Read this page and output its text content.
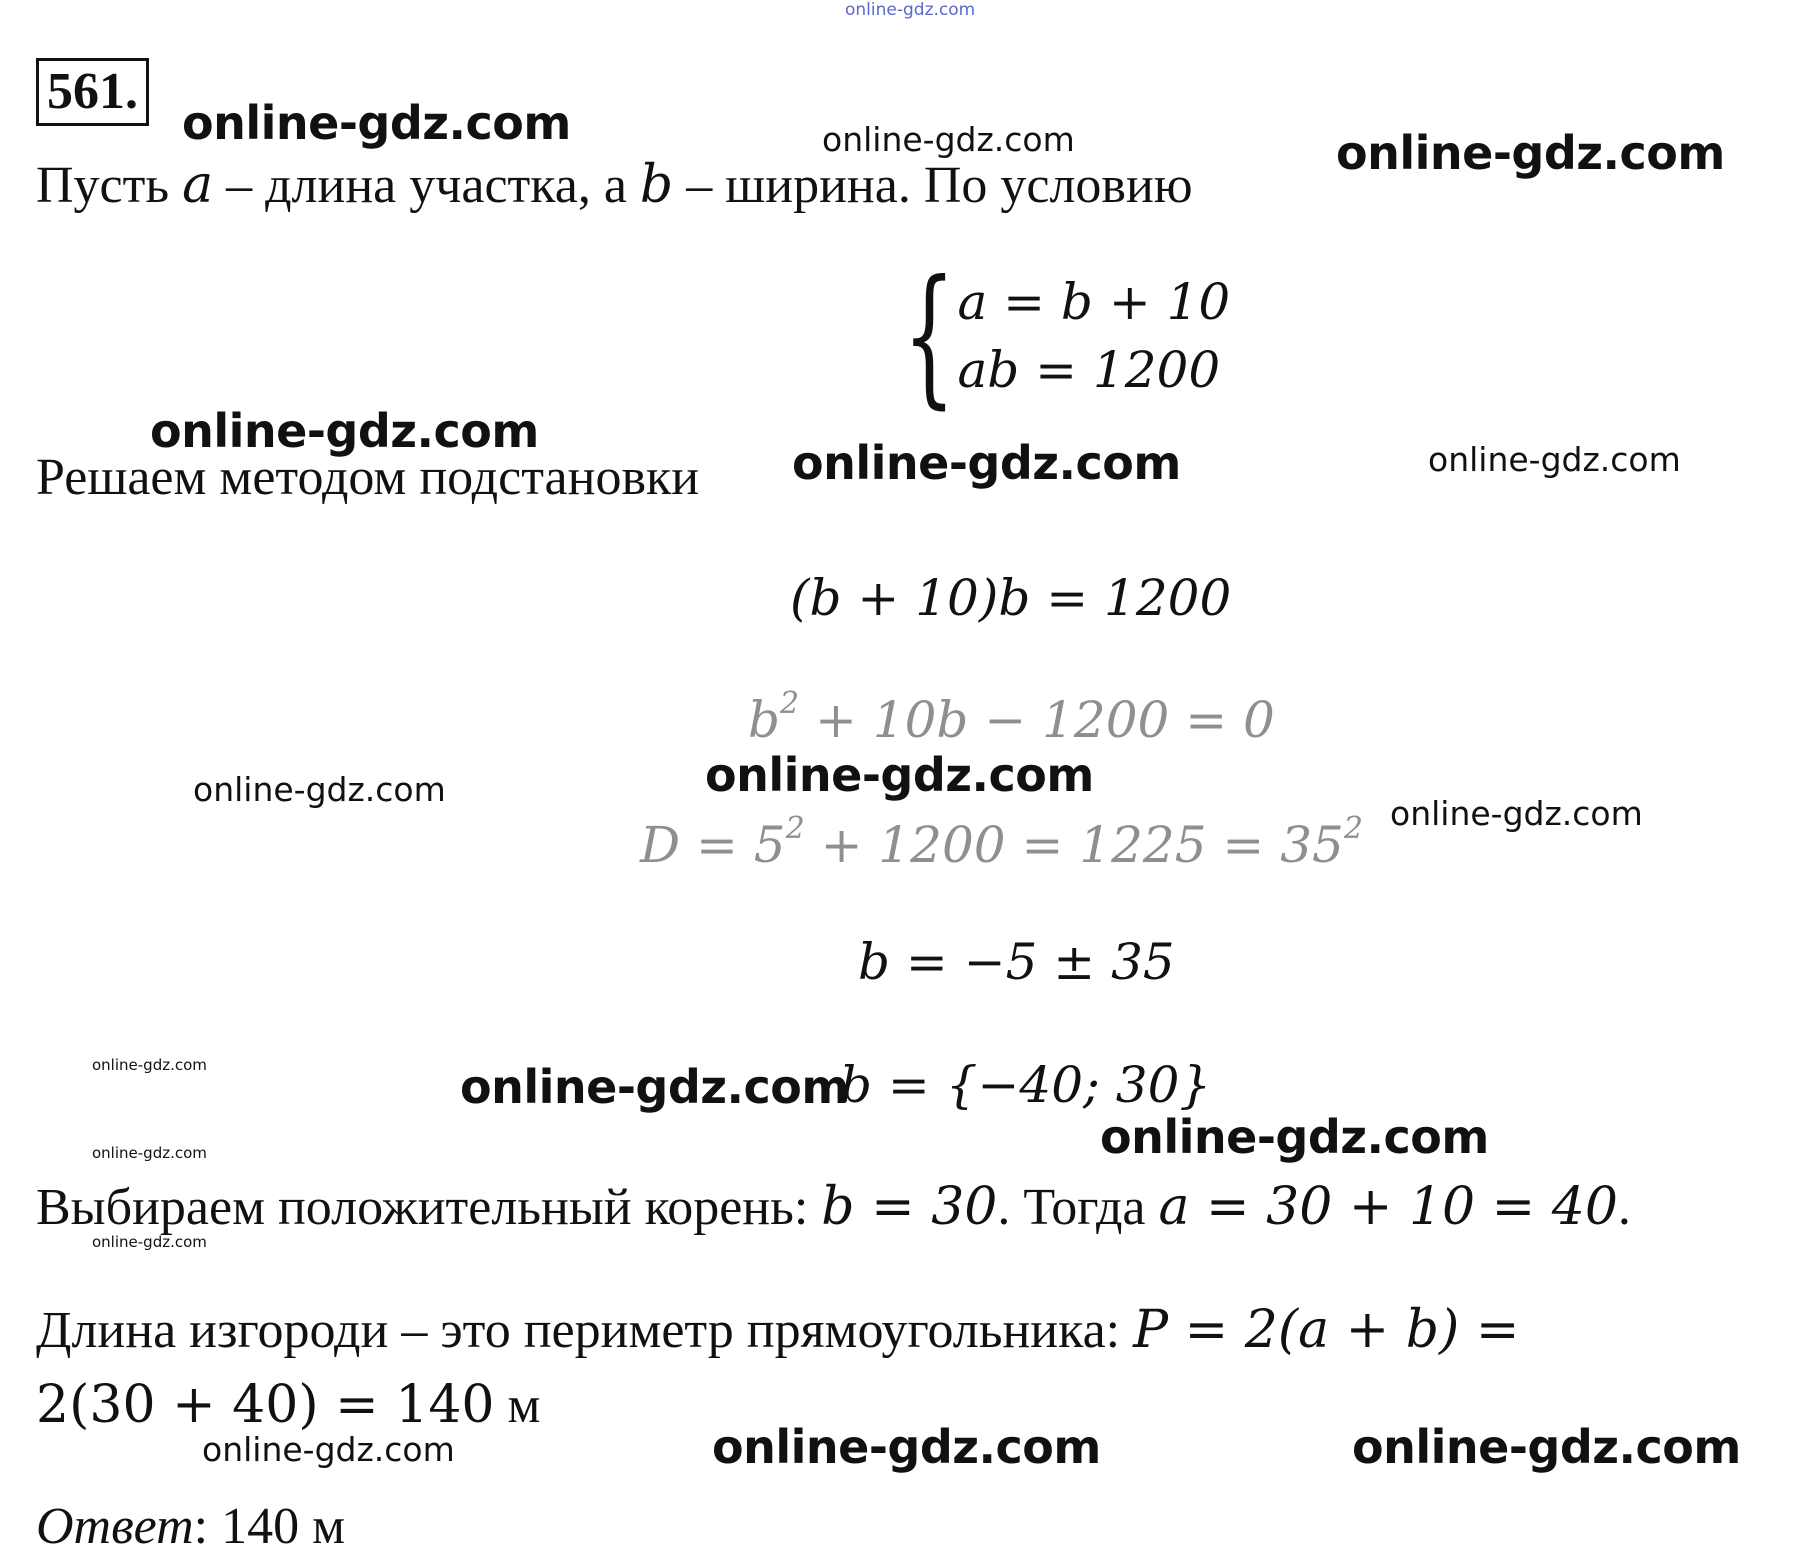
online-gdz.com
561.
Пусть a – длина участка, а b – ширина. По условию
{ a = b + 10
ab = 1200
Решаем методом подстановки
(b + 10)b = 1200
$b^2 + 10b - 1200 = 0$
$D = 5^2 + 1200 = 1225 = 35^2$
b = −5 ± 35
b = {−40; 30}
Выбираем положительный корень: b = 30. Тогда a = 30 + 10 = 40.
Длина изгороди – это периметр прямоугольника: P = 2(a + b) =
2(30 + 40) = 140 м
Ответ: 140 м
online-gdz.com	online-gdz.com	online-gdz.com
online-gdz.com
online-gdz.com	online-gdz.com
online-gdz.com	online-gdz.com
online-gdz.com
online-gdz.com	online-gdz.com
online-gdz.com
online-gdz.com
online-gdz.com
online-gdz.com	online-gdz.com	online-gdz.com
